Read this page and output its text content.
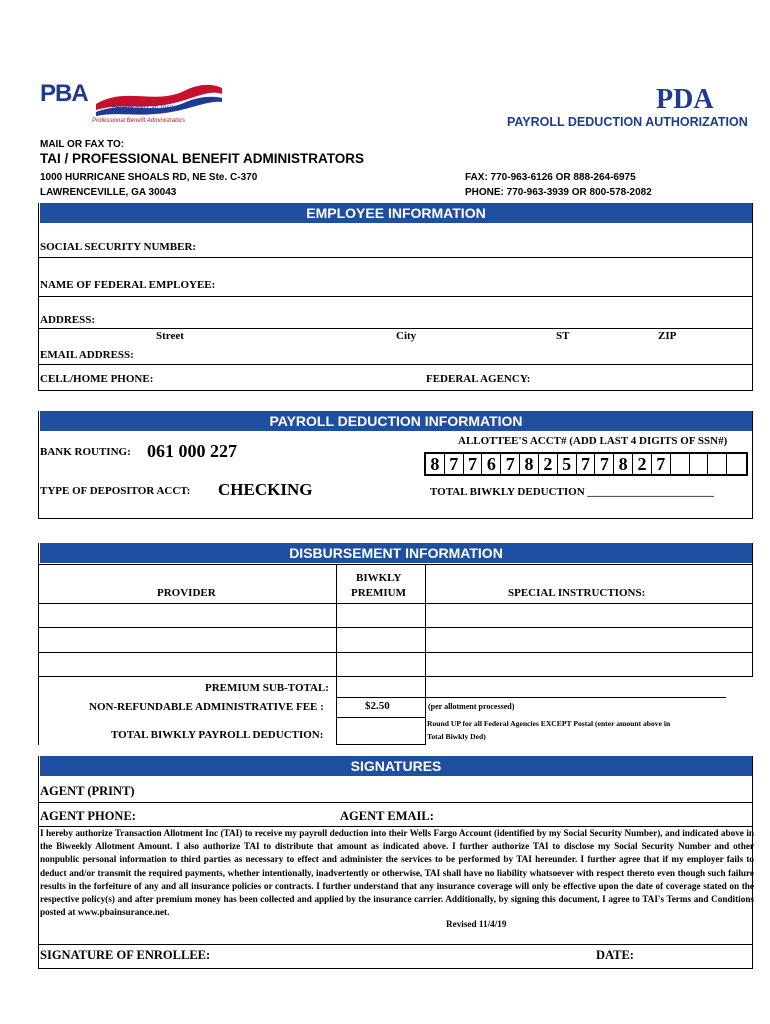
PBA
Benefits You Can Trust
Professional Benefit Administrators
PDA
PAYROLL DEDUCTION AUTHORIZATION
MAIL OR FAX TO:
TAI / PROFESSIONAL BENEFIT ADMINISTRATORS
1000 HURRICANE SHOALS RD, NE Ste. C-370
LAWRENCEVILLE, GA 30043
FAX: 770-963-6126 OR 888-264-6975
PHONE: 770-963-3939 OR 800-578-2082
EMPLOYEE INFORMATION
SOCIAL SECURITY NUMBER:
NAME OF FEDERAL EMPLOYEE:
ADDRESS:
Street	City	ST	ZIP
EMAIL ADDRESS:
CELL/HOME PHONE:	FEDERAL AGENCY:
PAYROLL DEDUCTION INFORMATION
BANK ROUTING: 061 000 227	ALLOTTEE'S ACCT# (ADD LAST 4 DIGITS OF SSN#)
8 7 7 6 7 8 2 5 7 7 8 2 7
TYPE OF DEPOSITOR ACCT: CHECKING	TOTAL BIWKLY DEDUCTION _______________________
DISBURSEMENT INFORMATION
PROVIDER
BIWKLY
PREMIUM	SPECIAL INSTRUCTIONS:
PREMIUM SUB-TOTAL:
NON-REFUNDABLE ADMINISTRATIVE FEE :	$2.50	(per allotment processed)
TOTAL BIWKLY PAYROLL DEDUCTION:
Round UP for all Federal Agencies EXCEPT Postal (enter amount above in
Total Biwkly Ded)
SIGNATURES
AGENT (PRINT)
AGENT PHONE:	AGENT EMAIL:
I hereby authorize Transaction Allotment Inc (TAI) to receive my payroll deduction into their Wells Fargo Account (identified by my Social Security Number), and indicated above in the Biweekly Allotment Amount. I also authorize TAI to distribute that amount as indicated above. I further authorize TAI to disclose my Social Security Number and other nonpublic personal information to third parties as necessary to effect and administer the services to be performed by TAI hereunder. I further agree that if my employer fails to deduct and/or transmit the required payments, whether intentionally, inadvertently or otherwise, TAI shall have no liability whatsoever with respect thereto even though such failure results in the forfeiture of any and all insurance policies or contracts. I further understand that any insurance coverage will only be effective upon the date of coverage stated on the respective policy(s) and after premium money has been collected and applied by the insurance carrier. Additionally, by signing this document, I agree to TAI's Terms and Conditions posted at www.pbainsurance.net.
Revised 11/4/19
SIGNATURE OF ENROLLEE:	DATE:
